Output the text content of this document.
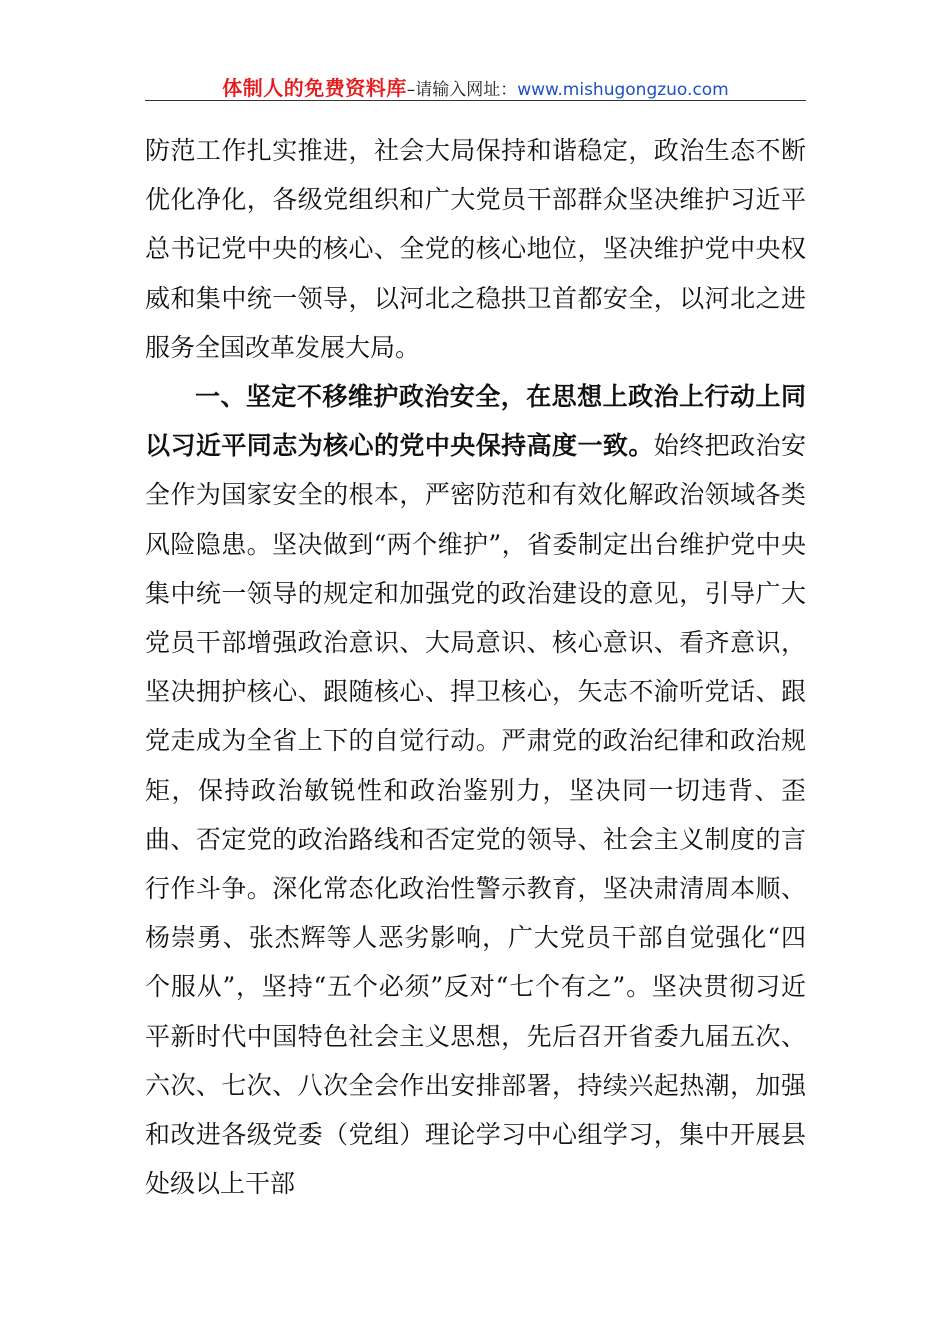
体制人的免费资料库–请输入网址：www.mishugongzuo.com

防范工作扎实推进，社会大局保持和谐稳定，政治生态不断优化净化，各级党组织和广大党员干部群众坚决维护习近平总书记党中央的核心、全党的核心地位，坚决维护党中央权威和集中统一领导，以河北之稳拱卫首都安全，以河北之进服务全国改革发展大局。

一、坚定不移维护政治安全，在思想上政治上行动上同以习近平同志为核心的党中央保持高度一致。始终把政治安全作为国家安全的根本，严密防范和有效化解政治领域各类风险隐患。坚决做到“两个维护”，省委制定出台维护党中央集中统一领导的规定和加强党的政治建设的意见，引导广大党员干部增强政治意识、大局意识、核心意识、看齐意识，坚决拥护核心、跟随核心、捍卫核心，矢志不渝听党话、跟党走成为全省上下的自觉行动。严肃党的政治纪律和政治规矩，保持政治敏锐性和政治鉴别力，坚决同一切违背、歪曲、否定党的政治路线和否定党的领导、社会主义制度的言行作斗争。深化常态化政治性警示教育，坚决肃清周本顺、杨崇勇、张杰辉等人恶劣影响，广大党员干部自觉强化“四个服从”，坚持“五个必须”反对“七个有之”。坚决贯彻习近平新时代中国特色社会主义思想，先后召开省委九届五次、六次、七次、八次全会作出安排部署，持续兴起热潮，加强和改进各级党委（党组）理论学习中心组学习，集中开展县处级以上干部
